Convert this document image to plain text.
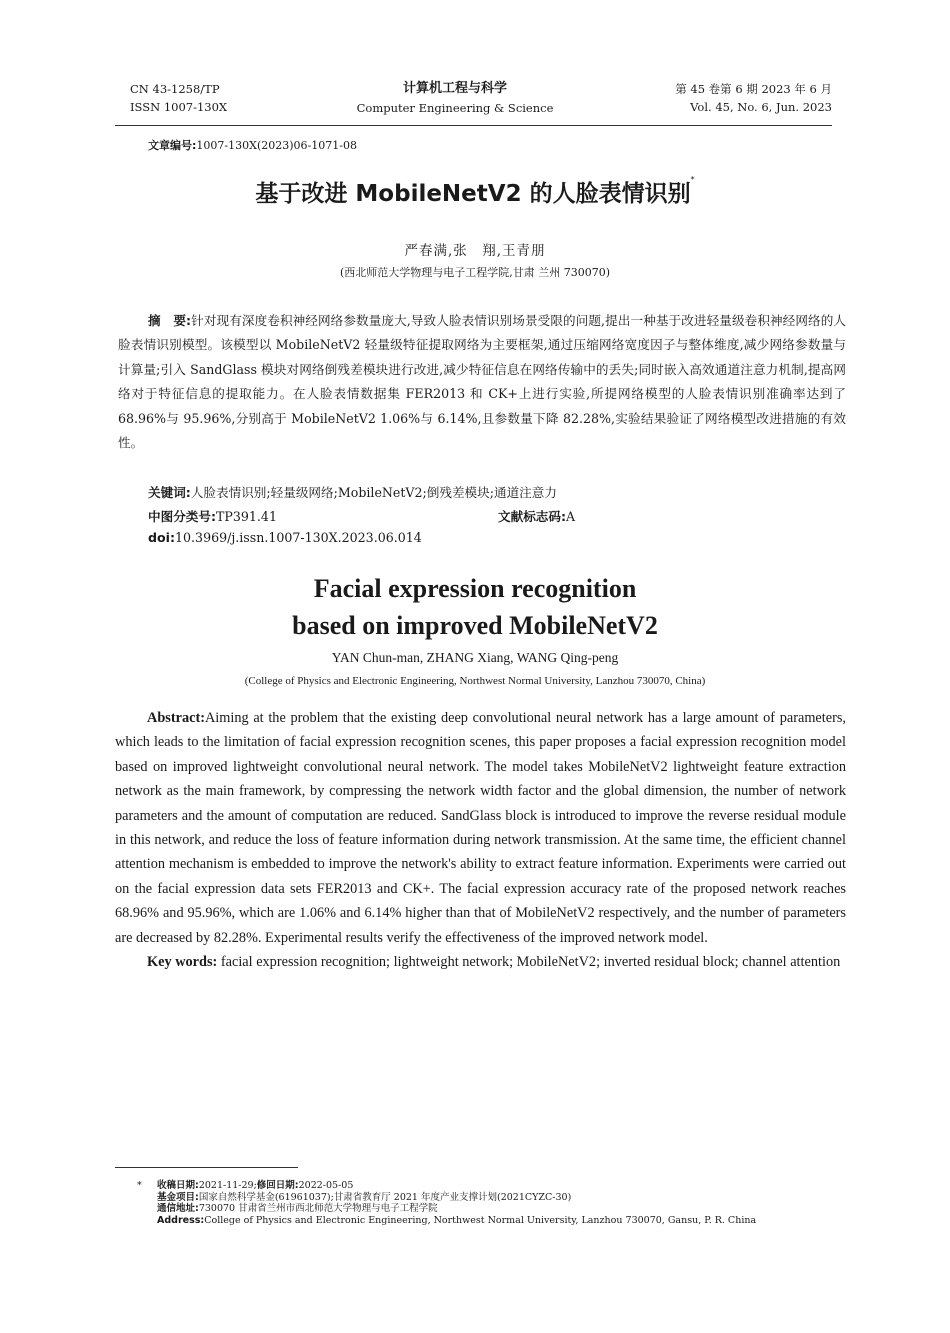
CN 43-1258/TP
ISSN 1007-130X
计算机工程与科学
Computer Engineering & Science
第 45 卷第 6 期 2023 年 6 月
Vol. 45, No. 6, Jun. 2023
文章编号:1007-130X(2023)06-1071-08
基于改进 MobileNetV2 的人脸表情识别*
严春满,张　翔,王青朋
(西北师范大学物理与电子工程学院,甘肃 兰州 730070)

摘　要:针对现有深度卷积神经网络参数量庞大,导致人脸表情识别场景受限的问题,提出一种基于改进轻量级卷积神经网络的人脸表情识别模型。该模型以 MobileNetV2 轻量级特征提取网络为主要框架,通过压缩网络宽度因子与整体维度,减少网络参数量与计算量;引入 SandGlass 模块对网络倒残差模块进行改进,减少特征信息在网络传输中的丢失;同时嵌入高效通道注意力机制,提高网络对于特征信息的提取能力。在人脸表情数据集 FER2013 和 CK+上进行实验,所提网络模型的人脸表情识别准确率达到了 68.96%与 95.96%,分别高于 MobileNetV2 1.06%与 6.14%,且参数量下降 82.28%,实验结果验证了网络模型改进措施的有效性。

关键词:人脸表情识别;轻量级网络;MobileNetV2;倒残差模块;通道注意力
中图分类号:TP391.41	文献标志码:A
doi:10.3969/j.issn.1007-130X.2023.06.014
Facial expression recognition
based on improved MobileNetV2
YAN Chun-man, ZHANG Xiang, WANG Qing-peng
(College of Physics and Electronic Engineering, Northwest Normal University, Lanzhou 730070, China)

Abstract:Aiming at the problem that the existing deep convolutional neural network has a large amount of parameters, which leads to the limitation of facial expression recognition scenes, this paper proposes a facial expression recognition model based on improved lightweight convolutional neural network. The model takes MobileNetV2 lightweight feature extraction network as the main framework, by compressing the network width factor and the global dimension, the number of network parameters and the amount of computation are reduced. SandGlass block is introduced to improve the reverse residual module in this network, and reduce the loss of feature information during network transmission. At the same time, the efficient channel attention mechanism is embedded to improve the network's ability to extract feature information. Experiments were carried out on the facial expression data sets FER2013 and CK+. The facial expression accuracy rate of the proposed network reaches 68.96% and 95.96%, which are 1.06% and 6.14% higher than that of MobileNetV2 respectively, and the number of parameters are decreased by 82.28%. Experimental results verify the effectiveness of the improved network model.

Key words: facial expression recognition; lightweight network; MobileNetV2; inverted residual block; channel attention

* 收稿日期:2021-11-29;修回日期:2022-05-05
基金项目:国家自然科学基金(61961037);甘肃省教育厅 2021 年度产业支撑计划(2021CYZC-30)
通信地址:730070 甘肃省兰州市西北师范大学物理与电子工程学院
Address:College of Physics and Electronic Engineering, Northwest Normal University, Lanzhou 730070, Gansu, P. R. China
